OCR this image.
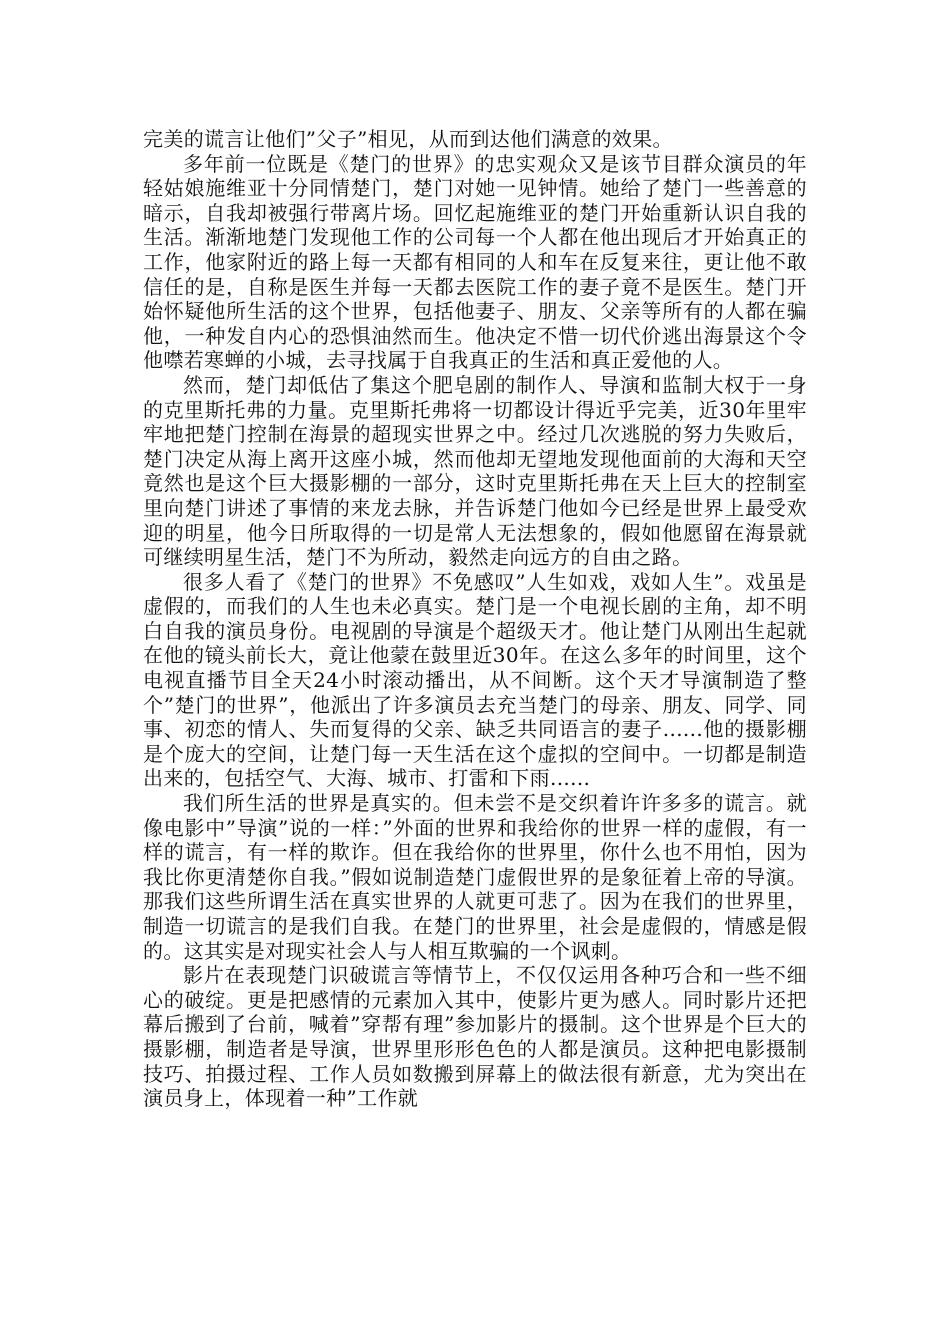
完美的谎言让他们”父子”相见，从而到达他们满意的效果。

多年前一位既是《楚门的世界》的忠实观众又是该节目群众演员的年轻姑娘施维亚十分同情楚门，楚门对她一见钟情。她给了楚门一些善意的暗示，自我却被强行带离片场。回忆起施维亚的楚门开始重新认识自我的生活。渐渐地楚门发现他工作的公司每一个人都在他出现后才开始真正的工作，他家附近的路上每一天都有相同的人和车在反复来往，更让他不敢信任的是，自称是医生并每一天都去医院工作的妻子竟不是医生。楚门开始怀疑他所生活的这个世界，包括他妻子、朋友、父亲等所有的人都在骗他，一种发自内心的恐惧油然而生。他决定不惜一切代价逃出海景这个令他噤若寒蝉的小城，去寻找属于自我真正的生活和真正爱他的人。

然而，楚门却低估了集这个肥皂剧的制作人、导演和监制大权于一身的克里斯托弗的力量。克里斯托弗将一切都设计得近乎完美，近30年里牢牢地把楚门控制在海景的超现实世界之中。经过几次逃脱的努力失败后，楚门决定从海上离开这座小城，然而他却无望地发现他面前的大海和天空竟然也是这个巨大摄影棚的一部分，这时克里斯托弗在天上巨大的控制室里向楚门讲述了事情的来龙去脉，并告诉楚门他如今已经是世界上最受欢迎的明星，他今日所取得的一切是常人无法想象的，假如他愿留在海景就可继续明星生活，楚门不为所动，毅然走向远方的自由之路。

很多人看了《楚门的世界》不免感叹”人生如戏，戏如人生”。戏虽是虚假的，而我们的人生也未必真实。楚门是一个电视长剧的主角，却不明白自我的演员身份。电视剧的导演是个超级天才。他让楚门从刚出生起就在他的镜头前长大，竟让他蒙在鼓里近30年。在这么多年的时间里，这个电视直播节目全天24小时滚动播出，从不间断。这个天才导演制造了整个”楚门的世界”，他派出了许多演员去充当楚门的母亲、朋友、同学、同事、初恋的情人、失而复得的父亲、缺乏共同语言的妻子......他的摄影棚是个庞大的空间，让楚门每一天生活在这个虚拟的空间中。一切都是制造出来的，包括空气、大海、城市、打雷和下雨......

我们所生活的世界是真实的。但未尝不是交织着许许多多的谎言。就像电影中”导演”说的一样：”外面的世界和我给你的世界一样的虚假，有一样的谎言，有一样的欺诈。但在我给你的世界里，你什么也不用怕，因为我比你更清楚你自我。”假如说制造楚门虚假世界的是象征着上帝的导演。那我们这些所谓生活在真实世界的人就更可悲了。因为在我们的世界里，制造一切谎言的是我们自我。在楚门的世界里，社会是虚假的，情感是假的。这其实是对现实社会人与人相互欺骗的一个讽刺。

影片在表现楚门识破谎言等情节上，不仅仅运用各种巧合和一些不细心的破绽。更是把感情的元素加入其中，使影片更为感人。同时影片还把幕后搬到了台前，喊着”穿帮有理”参加影片的摄制。这个世界是个巨大的摄影棚，制造者是导演，世界里形形色色的人都是演员。这种把电影摄制技巧、拍摄过程、工作人员如数搬到屏幕上的做法很有新意，尤为突出在演员身上，体现着一种”工作就
